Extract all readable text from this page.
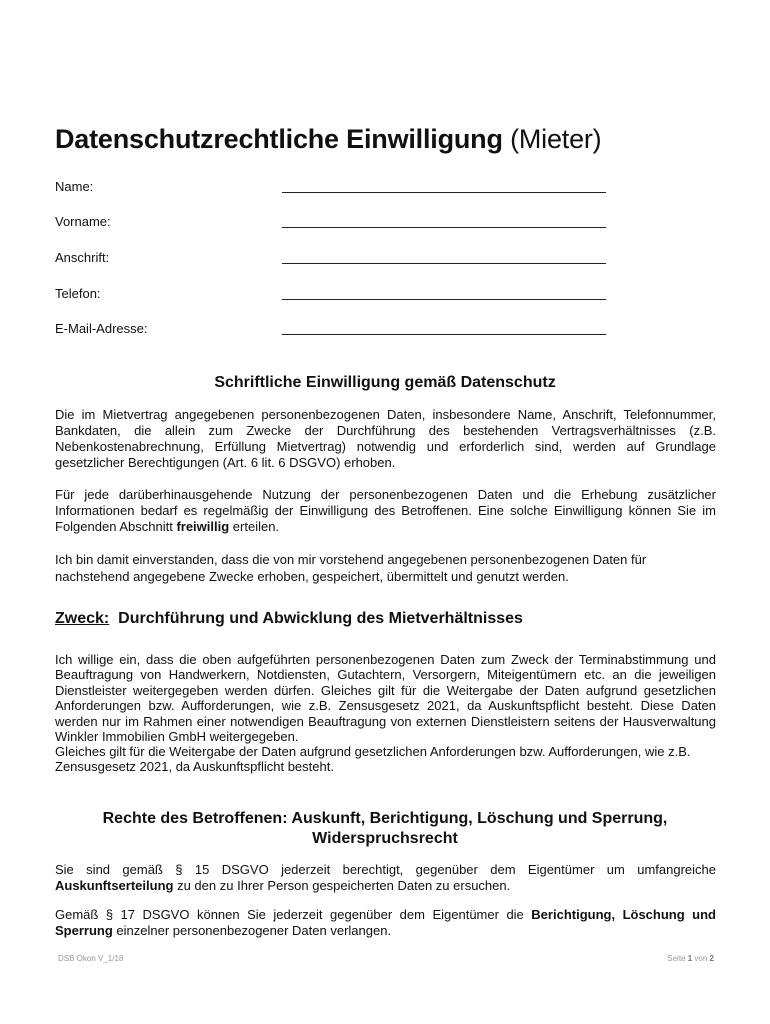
Datenschutzrechtliche Einwilligung (Mieter)
Name:
Vorname:
Anschrift:
Telefon:
E-Mail-Adresse:
Schriftliche Einwilligung gemäß Datenschutz

Die im Mietvertrag angegebenen personenbezogenen Daten, insbesondere Name, Anschrift, Telefonnummer, Bankdaten, die allein zum Zwecke der Durchführung des bestehenden Vertragsverhältnisses (z.B. Nebenkostenabrechnung, Erfüllung Mietvertrag) notwendig und erforderlich sind, werden auf Grundlage gesetzlicher Berechtigungen (Art. 6 lit. 6 DSGVO) erhoben.

Für jede darüberhinausgehende Nutzung der personenbezogenen Daten und die Erhebung zusätzlicher Informationen bedarf es regelmäßig der Einwilligung des Betroffenen. Eine solche Einwilligung können Sie im Folgenden Abschnitt freiwillig erteilen.

Ich bin damit einverstanden, dass die von mir vorstehend angegebenen personenbezogenen Daten für nachstehend angegebene Zwecke erhoben, gespeichert, übermittelt und genutzt werden.

Zweck: Durchführung und Abwicklung des Mietverhältnisses

Ich willige ein, dass die oben aufgeführten personenbezogenen Daten zum Zweck der Terminabstimmung und Beauftragung von Handwerkern, Notdiensten, Gutachtern, Versorgern, Miteigentümern etc. an die jeweiligen Dienstleister weitergegeben werden dürfen. Gleiches gilt für die Weitergabe der Daten aufgrund gesetzlichen Anforderungen bzw. Aufforderungen, wie z.B. Zensusgesetz 2021, da Auskunftspflicht besteht. Diese Daten werden nur im Rahmen einer notwendigen Beauftragung von externen Dienstleistern seitens der Hausverwaltung Winkler Immobilien GmbH weitergegeben.

Gleiches gilt für die Weitergabe der Daten aufgrund gesetzlichen Anforderungen bzw. Aufforderungen, wie z.B. Zensusgesetz 2021, da Auskunftspflicht besteht.

Rechte des Betroffenen: Auskunft, Berichtigung, Löschung und Sperrung,
Widerspruchsrecht

Sie sind gemäß § 15 DSGVO jederzeit berechtigt, gegenüber dem Eigentümer um umfangreiche Auskunftserteilung zu den zu Ihrer Person gespeicherten Daten zu ersuchen.

Gemäß § 17 DSGVO können Sie jederzeit gegenüber dem Eigentümer die Berichtigung, Löschung und Sperrung einzelner personenbezogener Daten verlangen.

DSB Okon V_1/18	Seite 1 von 2
